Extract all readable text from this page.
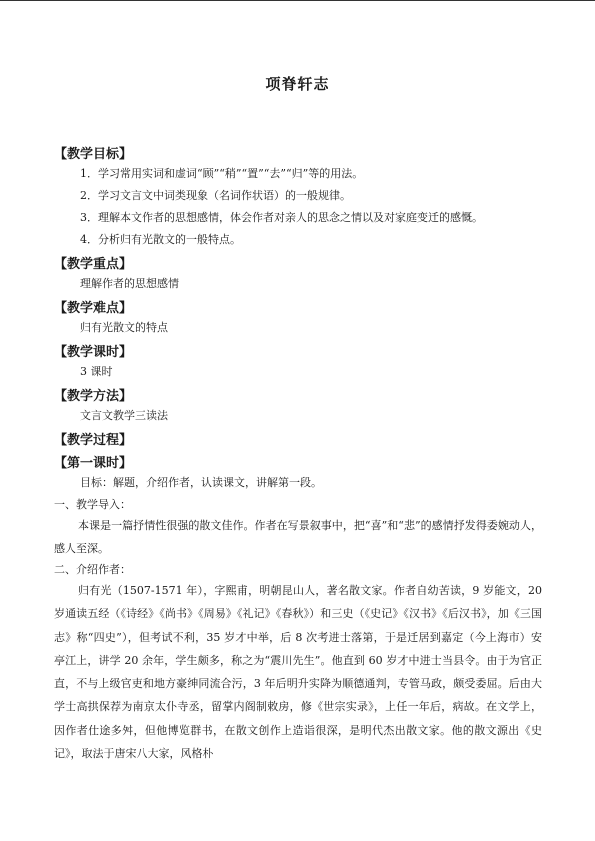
项脊轩志
【教学目标】
1．学习常用实词和虚词“顾”“稍”“置”“去”“归”等的用法。
2．学习文言文中词类现象（名词作状语）的一般规律。
3．理解本文作者的思想感情，体会作者对亲人的思念之情以及对家庭变迁的感慨。
4．分析归有光散文的一般特点。
【教学重点】
理解作者的思想感情
【教学难点】
归有光散文的特点
【教学课时】
3 课时
【教学方法】
文言文教学三读法
【教学过程】
【第一课时】
目标：解题，介绍作者，认读课文，讲解第一段。
一、教学导入：
本课是一篇抒情性很强的散文佳作。作者在写景叙事中，把“喜”和“悲”的感情抒发得委婉动人，感人至深。
二、介绍作者：
归有光（1507-1571 年），字熙甫，明朝昆山人，著名散文家。作者自幼苦读，9 岁能文，20 岁通读五经（《诗经》《尚书》《周易》《礼记》《春秋》）和三史（《史记》《汉书》《后汉书》，加《三国志》称“四史”），但考试不利，35 岁才中举，后 8 次考进士落第，于是迁居到嘉定（今上海市）安亭江上，讲学 20 余年，学生颇多，称之为“震川先生”。他直到 60 岁才中进士当县令。由于为官正直，不与上级官吏和地方豪绅同流合污，3 年后明升实降为顺德通判，专管马政，颇受委屈。后由大学士高拱保荐为南京太仆寺丞，留掌内阁制敕房，修《世宗实录》，上任一年后，病故。在文学上，因作者仕途多舛，但他博览群书，在散文创作上造诣很深，是明代杰出散文家。他的散文源出《史记》，取法于唐宋八大家，风格朴
